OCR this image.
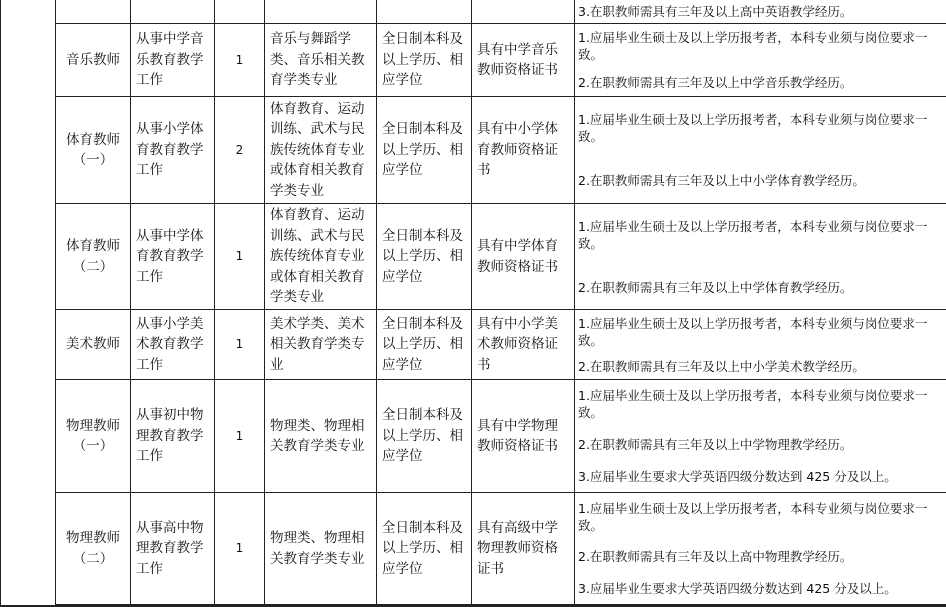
3.在职教师需具有三年及以上高中英语教学经历。
音乐教师
从事中学音乐教育教学工作
1
音乐与舞蹈学类、音乐相关教育学类专业
全日制本科及以上学历、相应学位
具有中学音乐教师资格证书
1.应届毕业生硕士及以上学历报考者，本科专业须与岗位要求一致。
2.在职教师需具有三年及以上中学音乐教学经历。
体育教师（一）
从事小学体育教育教学工作
2
体育教育、运动训练、武术与民族传统体育专业或体育相关教育学类专业
全日制本科及以上学历、相应学位
具有中小学体育教师资格证书
1.应届毕业生硕士及以上学历报考者，本科专业须与岗位要求一致。
2.在职教师需具有三年及以上中小学体育教学经历。
体育教师（二）
从事中学体育教育教学工作
1
体育教育、运动训练、武术与民族传统体育专业或体育相关教育学类专业
全日制本科及以上学历、相应学位
具有中学体育教师资格证书
1.应届毕业生硕士及以上学历报考者，本科专业须与岗位要求一致。
2.在职教师需具有三年及以上中学体育教学经历。
美术教师
从事小学美术教育教学工作
1
美术学类、美术相关教育学类专业
全日制本科及以上学历、相应学位
具有中小学美术教师资格证书
1.应届毕业生硕士及以上学历报考者，本科专业须与岗位要求一致。
2.在职教师需具有三年及以上中小学美术教学经历。
物理教师（一）
从事初中物理教育教学工作
1
物理类、物理相关教育学类专业
全日制本科及以上学历、相应学位
具有中学物理教师资格证书
1.应届毕业生硕士及以上学历报考者，本科专业须与岗位要求一致。
2.在职教师需具有三年及以上中学物理教学经历。
3.应届毕业生要求大学英语四级分数达到 425 分及以上。
物理教师（二）
从事高中物理教育教学工作
1
物理类、物理相关教育学类专业
全日制本科及以上学历、相应学位
具有高级中学物理教师资格证书
1.应届毕业生硕士及以上学历报考者，本科专业须与岗位要求一致。
2.在职教师需具有三年及以上高中物理教学经历。
3.应届毕业生要求大学英语四级分数达到 425 分及以上。
